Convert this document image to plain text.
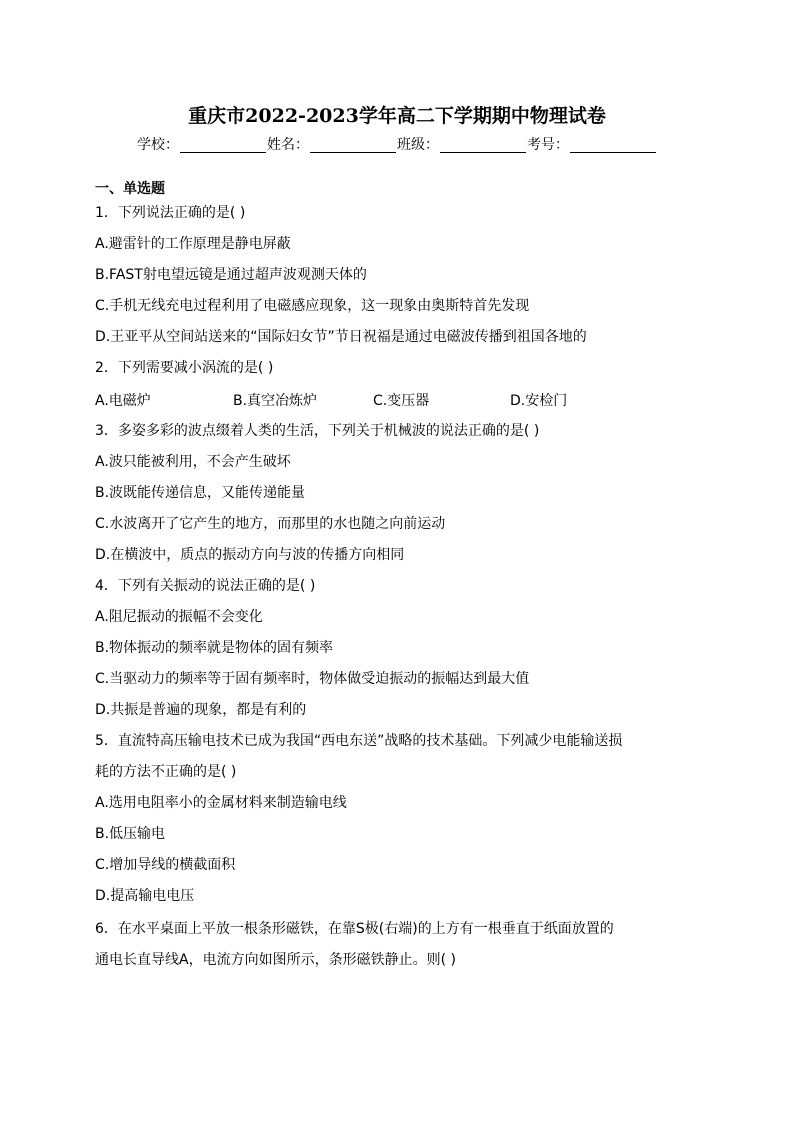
重庆市2022-2023学年高二下学期期中物理试卷
学校：	姓名：	班级：	考号：
一、单选题
1．下列说法正确的是( )
A.避雷针的工作原理是静电屏蔽
B.FAST射电望远镜是通过超声波观测天体的
C.手机无线充电过程利用了电磁感应现象，这一现象由奥斯特首先发现
D.王亚平从空间站送来的“国际妇女节”节日祝福是通过电磁波传播到祖国各地的
2．下列需要减小涡流的是( )
A.电磁炉	B.真空冶炼炉	C.变压器	D.安检门
3．多姿多彩的波点缀着人类的生活，下列关于机械波的说法正确的是( )
A.波只能被利用，不会产生破坏
B.波既能传递信息，又能传递能量
C.水波离开了它产生的地方，而那里的水也随之向前运动
D.在横波中，质点的振动方向与波的传播方向相同
4．下列有关振动的说法正确的是( )
A.阻尼振动的振幅不会变化
B.物体振动的频率就是物体的固有频率
C.当驱动力的频率等于固有频率时，物体做受迫振动的振幅达到最大值
D.共振是普遍的现象，都是有利的
5．直流特高压输电技术已成为我国“西电东送”战略的技术基础。下列减少电能输送损
耗的方法不正确的是( )
A.选用电阻率小的金属材料来制造输电线
B.低压输电
C.增加导线的横截面积
D.提高输电电压
6．在水平桌面上平放一根条形磁铁，在靠S极(右端)的上方有一根垂直于纸面放置的
通电长直导线A，电流方向如图所示，条形磁铁静止。则( )
